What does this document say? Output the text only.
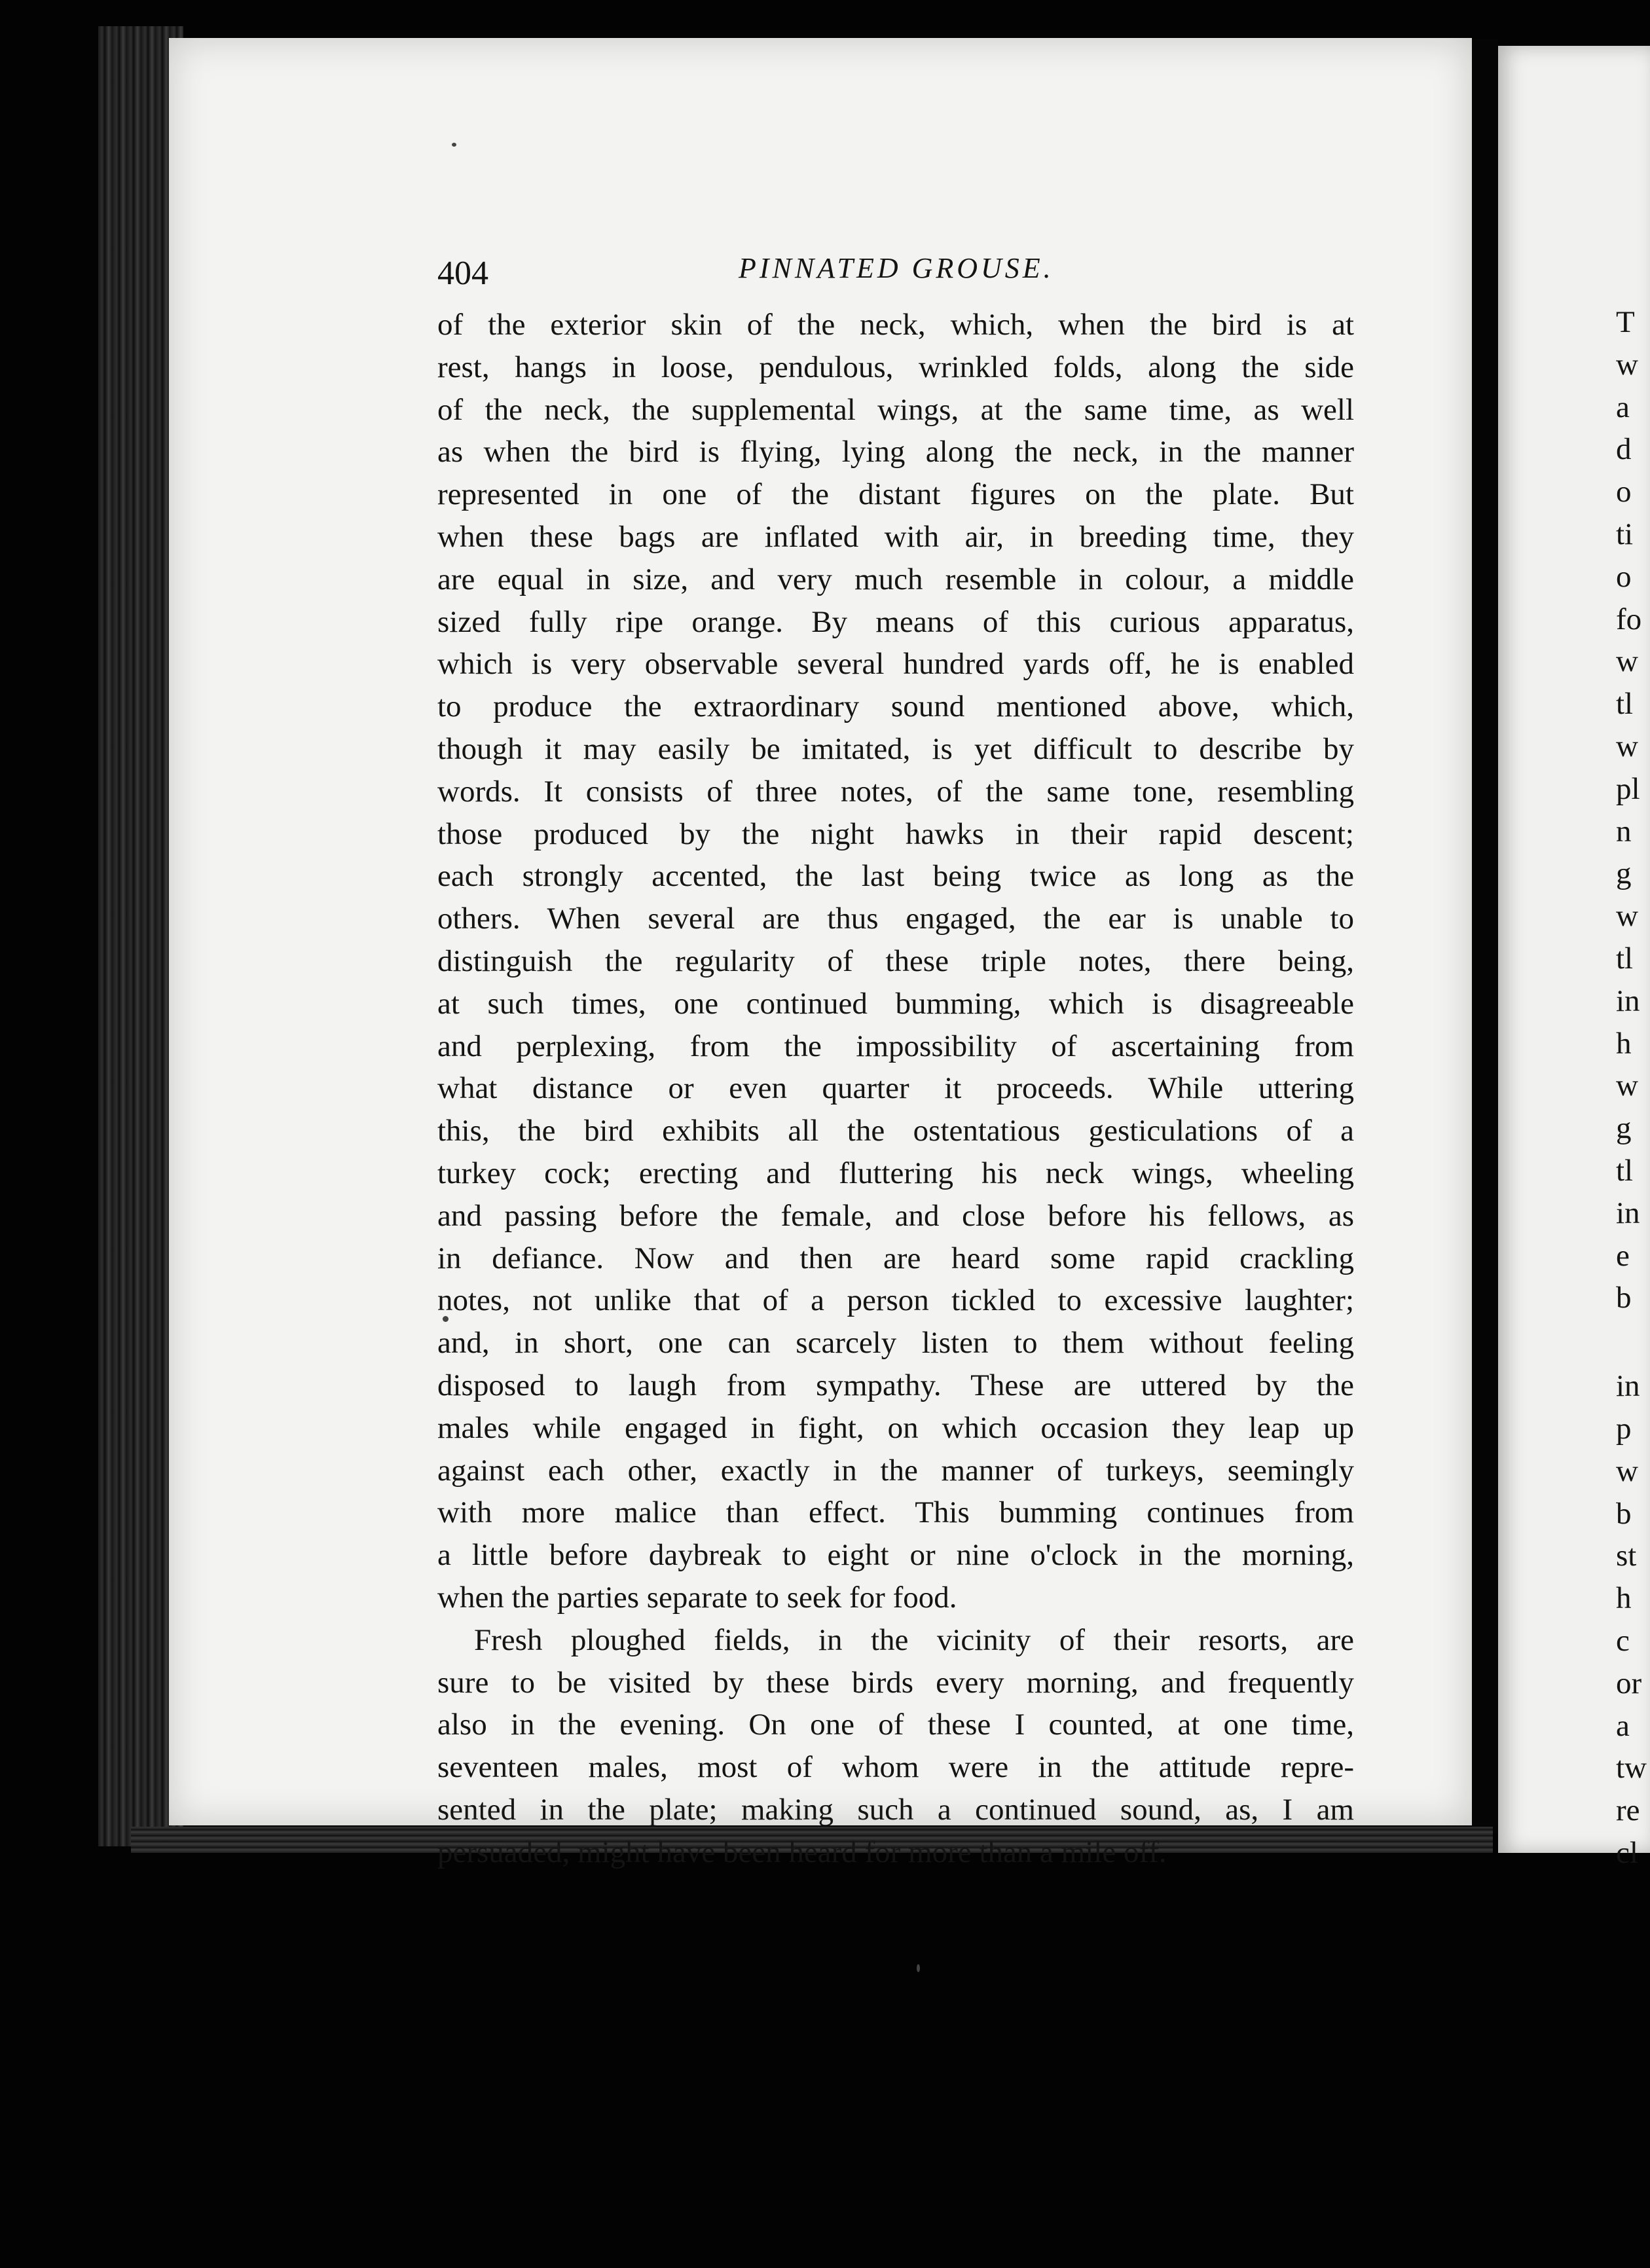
404	PINNATED GROUSE.
of the exterior skin of the neck, which, when the bird is at
rest, hangs in loose, pendulous, wrinkled folds, along the side
of the neck, the supplemental wings, at the same time, as well
as when the bird is flying, lying along the neck, in the manner
represented in one of the distant figures on the plate. But
when these bags are inflated with air, in breeding time, they
are equal in size, and very much resemble in colour, a middle
sized fully ripe orange. By means of this curious apparatus,
which is very observable several hundred yards off, he is enabled
to produce the extraordinary sound mentioned above, which,
though it may easily be imitated, is yet difficult to describe by
words. It consists of three notes, of the same tone, resembling
those produced by the night hawks in their rapid descent;
each strongly accented, the last being twice as long as the
others. When several are thus engaged, the ear is unable to
distinguish the regularity of these triple notes, there being,
at such times, one continued bumming, which is disagreeable
and perplexing, from the impossibility of ascertaining from
what distance or even quarter it proceeds. While uttering
this, the bird exhibits all the ostentatious gesticulations of a
turkey cock; erecting and fluttering his neck wings, wheeling
and passing before the female, and close before his fellows, as
in defiance. Now and then are heard some rapid crackling
notes, not unlike that of a person tickled to excessive laughter;
and, in short, one can scarcely listen to them without feeling
disposed to laugh from sympathy. These are uttered by the
males while engaged in fight, on which occasion they leap up
against each other, exactly in the manner of turkeys, seemingly
with more malice than effect. This bumming continues from
a little before daybreak to eight or nine o'clock in the morning,
when the parties separate to seek for food.
Fresh ploughed fields, in the vicinity of their resorts, are
sure to be visited by these birds every morning, and frequently
also in the evening. On one of these I counted, at one time,
seventeen males, most of whom were in the attitude repre-
sented in the plate; making such a continued sound, as, I am
persuaded, might have been heard for more than a mile off.
T
w
a
d
o
ti
o
fo
w
tl
w
pl
n
g
w
tl
in
h
w
g
tl
in
e
b
in
p
w
b
st
h
c
or
a
tw
re
cl
